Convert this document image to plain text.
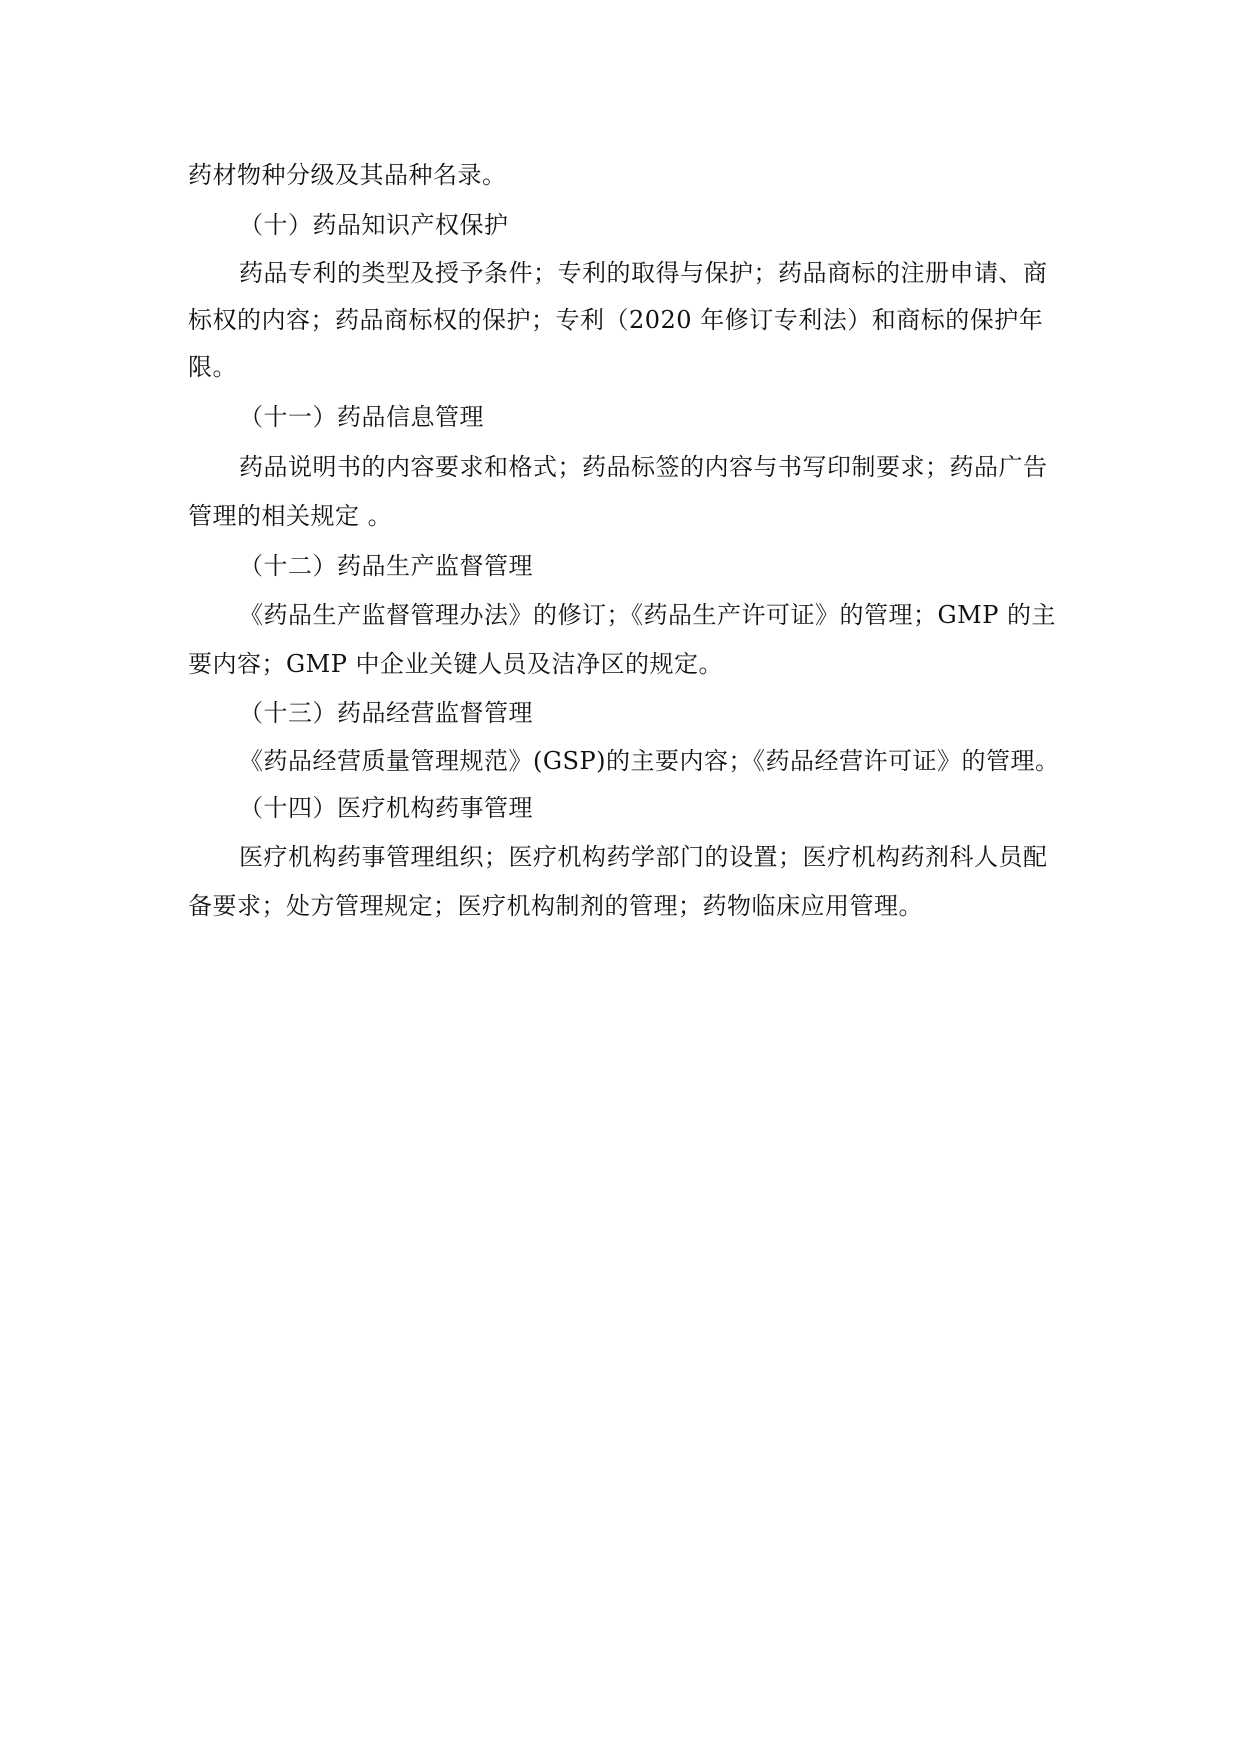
药材物种分级及其品种名录。
（十）药品知识产权保护
药品专利的类型及授予条件；专利的取得与保护；药品商标的注册申请、商
标权的内容；药品商标权的保护；专利（2020 年修订专利法）和商标的保护年
限。
（十一）药品信息管理
药品说明书的内容要求和格式；药品标签的内容与书写印制要求；药品广告
管理的相关规定 。
（十二）药品生产监督管理
《药品生产监督管理办法》的修订；《药品生产许可证》的管理；GMP 的主
要内容；GMP 中企业关键人员及洁净区的规定。
（十三）药品经营监督管理
《药品经营质量管理规范》(GSP)的主要内容；《药品经营许可证》的管理。
（十四）医疗机构药事管理
医疗机构药事管理组织；医疗机构药学部门的设置；医疗机构药剂科人员配
备要求；处方管理规定；医疗机构制剂的管理；药物临床应用管理。
